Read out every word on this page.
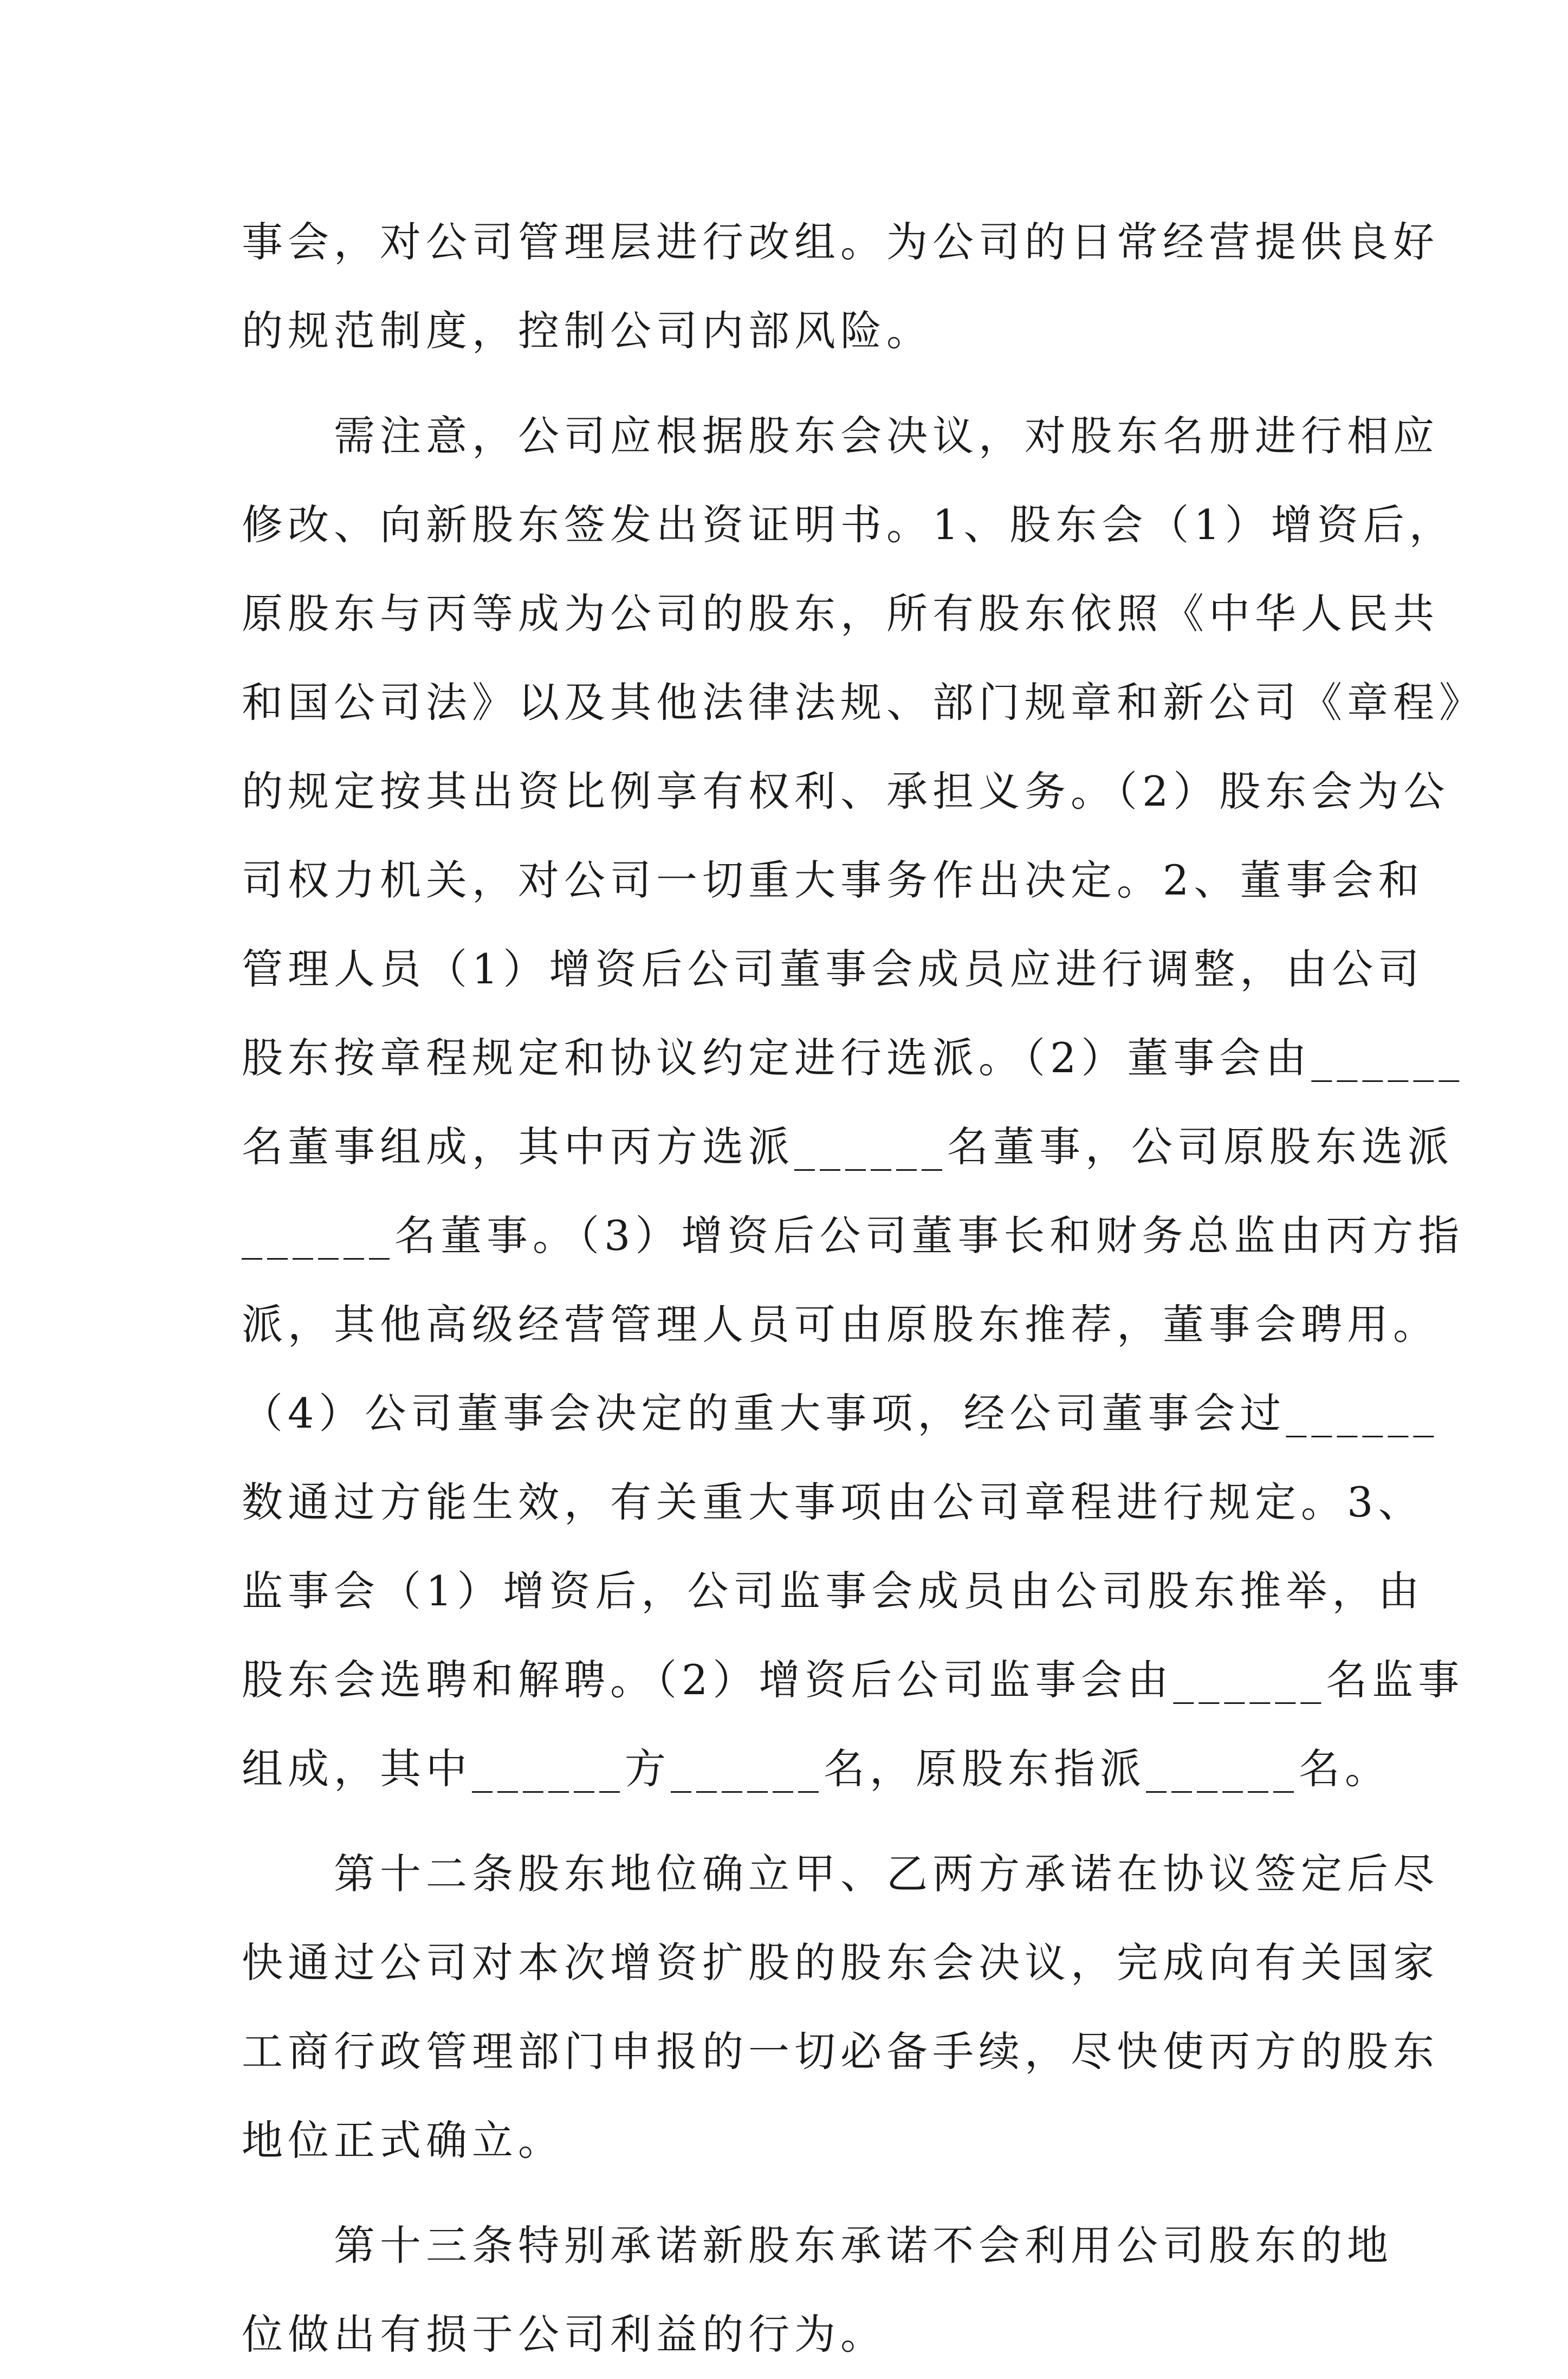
事会，对公司管理层进行改组。为公司的日常经营提供良好
的规范制度，控制公司内部风险。
　　需注意，公司应根据股东会决议，对股东名册进行相应
修改、向新股东签发出资证明书。1、股东会（1）增资后，
原股东与丙等成为公司的股东，所有股东依照《中华人民共
和国公司法》以及其他法律法规、部门规章和新公司《章程》
的规定按其出资比例享有权利、承担义务。（2）股东会为公
司权力机关，对公司一切重大事务作出决定。2、董事会和
管理人员（1）增资后公司董事会成员应进行调整，由公司
股东按章程规定和协议约定进行选派。（2）董事会由______
名董事组成，其中丙方选派______名董事，公司原股东选派
______名董事。（3）增资后公司董事长和财务总监由丙方指
派，其他高级经营管理人员可由原股东推荐，董事会聘用。
（4）公司董事会决定的重大事项，经公司董事会过______
数通过方能生效，有关重大事项由公司章程进行规定。3、
监事会（1）增资后，公司监事会成员由公司股东推举，由
股东会选聘和解聘。（2）增资后公司监事会由______名监事
组成，其中______方______名，原股东指派______名。
　　第十二条股东地位确立甲、乙两方承诺在协议签定后尽
快通过公司对本次增资扩股的股东会决议，完成向有关国家
工商行政管理部门申报的一切必备手续，尽快使丙方的股东
地位正式确立。
　　第十三条特别承诺新股东承诺不会利用公司股东的地
位做出有损于公司利益的行为。
